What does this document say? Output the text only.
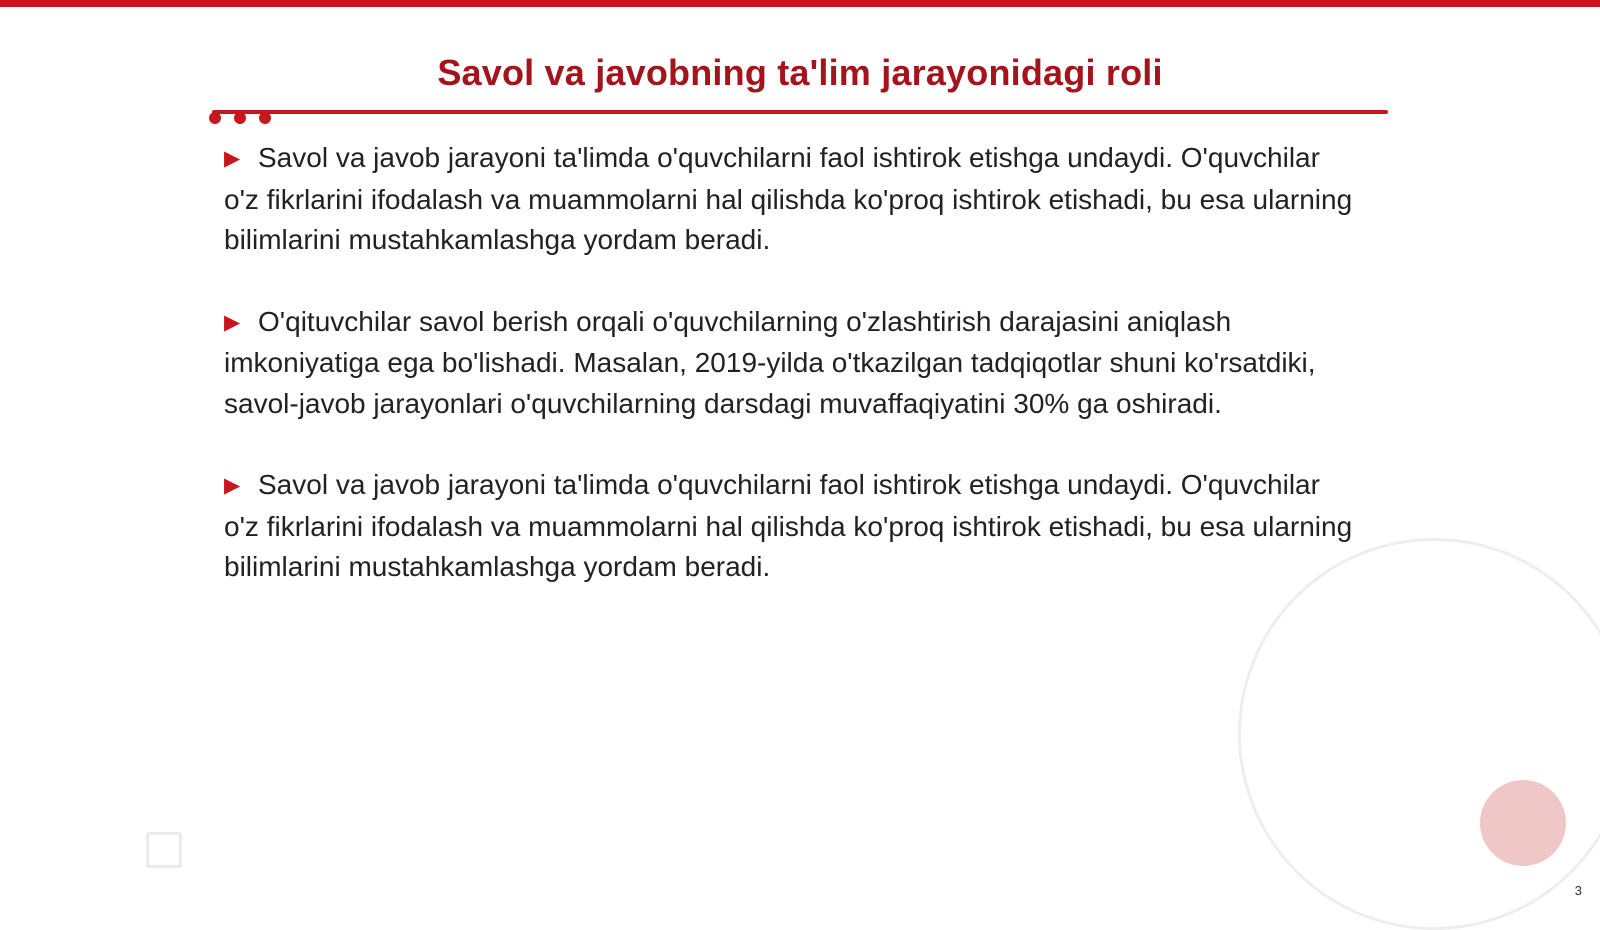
Savol va javobning ta'lim jarayonidagi roli

▶ Savol va javob jarayoni ta'limda o'quvchilarni faol ishtirok etishga undaydi. O'quvchilar o'z fikrlarini ifodalash va muammolarni hal qilishda ko'proq ishtirok etishadi, bu esa ularning bilimlarini mustahkamlashga yordam beradi.

▶ O'qituvchilar savol berish orqali o'quvchilarning o'zlashtirish darajasini aniqlash imkoniyatiga ega bo'lishadi. Masalan, 2019-yilda o'tkazilgan tadqiqotlar shuni ko'rsatdiki, savol-javob jarayonlari o'quvchilarning darsdagi muvaffaqiyatini 30% ga oshiradi.

▶ Savol va javob jarayoni ta'limda o'quvchilarni faol ishtirok etishga undaydi. O'quvchilar o'z fikrlarini ifodalash va muammolarni hal qilishda ko'proq ishtirok etishadi, bu esa ularning bilimlarini mustahkamlashga yordam beradi.

3
